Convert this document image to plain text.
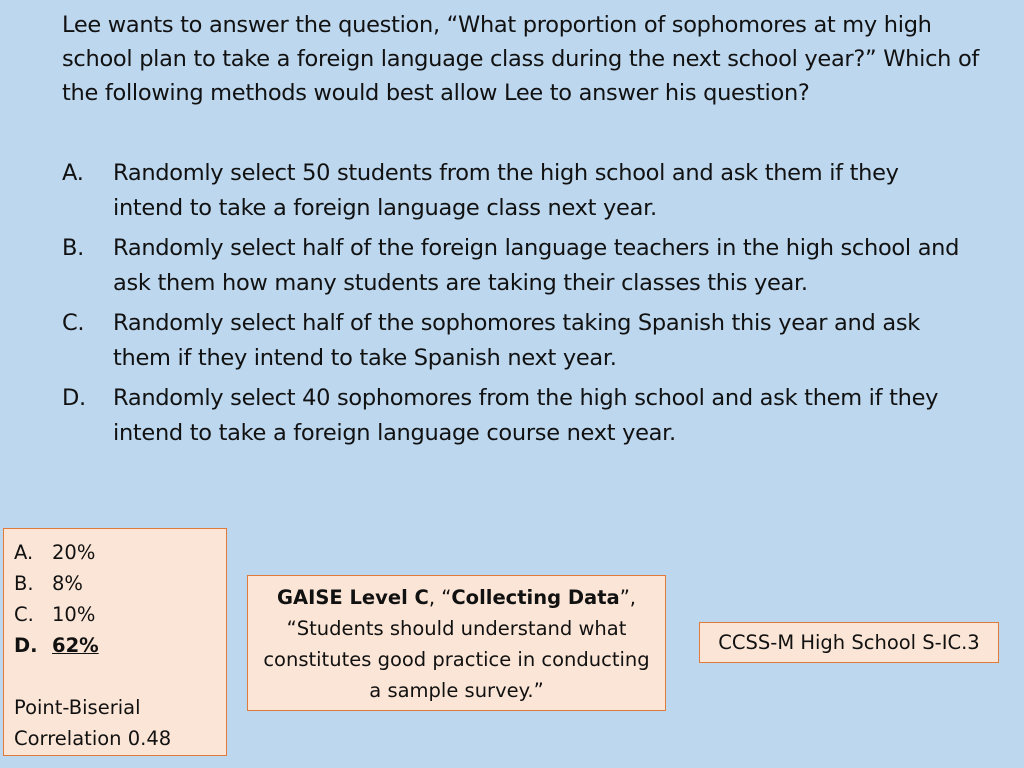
Lee wants to answer the question, “What proportion of sophomores at my high school plan to take a foreign language class during the next school year?” Which of the following methods would best allow Lee to answer his question?

A.	Randomly select 50 students from the high school and ask them if they intend to take a foreign language class next year.
B.	Randomly select half of the foreign language teachers in the high school and ask them how many students are taking their classes this year.
C.	Randomly select half of the sophomores taking Spanish this year and ask them if they intend to take Spanish next year.
D.	Randomly select 40 sophomores from the high school and ask them if they intend to take a foreign language course next year.
A. 20%
B. 8%
C. 10%
D. 62%
Point-Biserial
Correlation 0.48
GAISE Level C, “Collecting Data”,
“Students should understand what constitutes good practice in conducting a sample survey.”
CCSS-M High School S-IC.3
